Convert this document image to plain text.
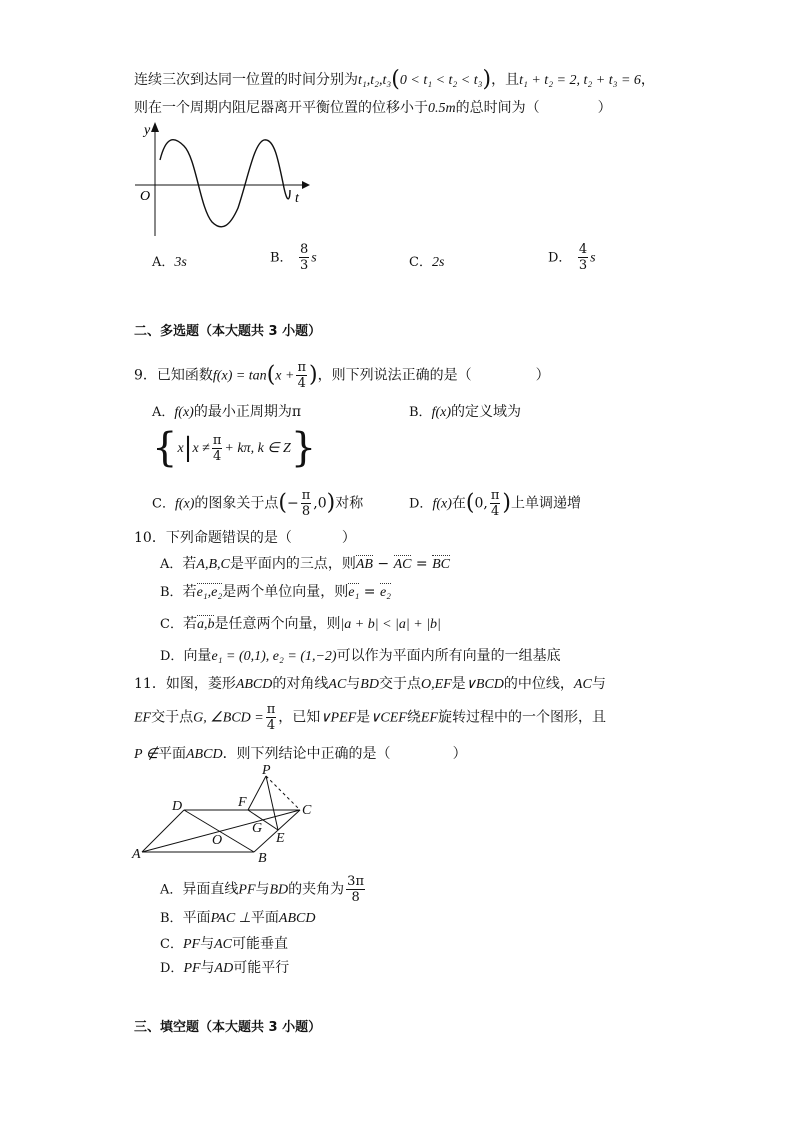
连续三次到达同一位置的时间分别为t₁,t₂,t₃(0 < t₁ < t₂ < t₃)，且t₁ + t₂ = 2, t₂ + t₃ = 6，
则在一个周期内阻尼器离开平衡位置的位移小于0.5m的总时间为（	）
y
t
O
A．3s	B． $\frac{8}{3}$ s	C．2s	D． $\frac{4}{3}$ s
二、多选题（本大题共 3 小题）
9．已知函数$f(x) = \tan(x + \frac{\pi}{4}$ )，则下列说法正确的是（	）
A．f(x)的最小正周期为π	B．f(x)的定义域为
{$x|x \ne \frac{\pi}{4} + k\pi$, k ∈ Z}
C．f(x)的图象关于点(− $\frac{\pi}{8} ,0$)对称	D．f(x)在(0, $\frac{\pi}{4}$ )上单调递增
10．下列命题错误的是（	）
A．若A,B,C是平面内的三点，则AB − AC = BC
B．若e₁,e₂是两个单位向量，则e₁ = e₂
C．若a,b是任意两个向量，则|a + b| < |a| + |b|
D．向量e₁ = (0,1), e₂ = (1,−2)可以作为平面内所有向量的一组基底
11．如图，菱形ABCD的对角线AC与BD交于点O,EF是∨BCD的中位线，AC与
EF交于点G, ∠BCD = $\frac{\pi}{4}$ ，已知∨PEF是∨CEF绕EF旋转过程中的一个图形，且
P ∉平面ABCD．则下列结论中正确的是（	）
A	B
C
D
E
F
G
O
P
A．异面直线PF与BD的夹角为 $\frac{3\pi}{8}$
B．平面PAC ⊥平面ABCD
C．PF与AC可能垂直
D．PF与AD可能平行
三、填空题（本大题共 3 小题）
